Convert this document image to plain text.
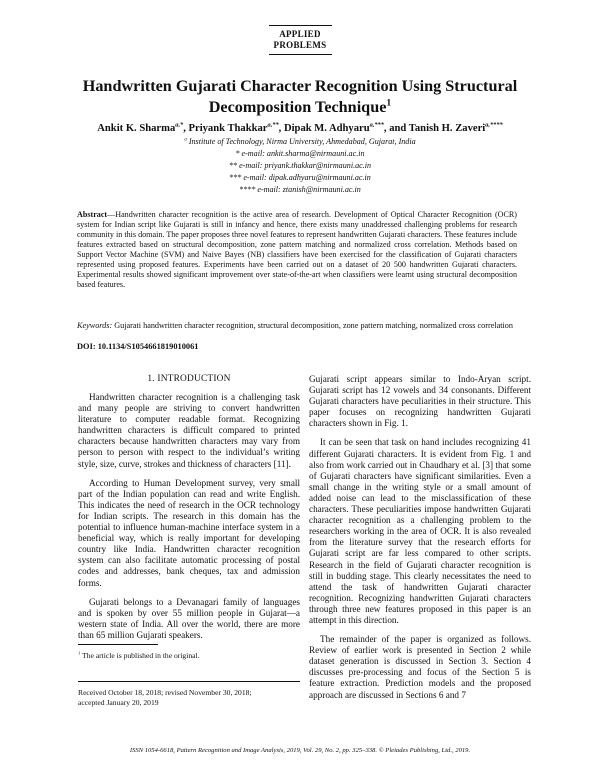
APPLIED
PROBLEMS
Handwritten Gujarati Character Recognition Using Structural
Decomposition Technique$^1$
Ankit K. Sharma$^{a,*}$, Priyank Thakkar$^{a,**}$, Dipak M. Adhyaru$^{a,***}$, and Tanish H. Zaveri$^{a,****}$
$^a$ Institute of Technology, Nirma University, Ahmedabad, Gujarat, India
* e-mail: ankit.sharma@nirmauni.ac.in
** e-mail: priyank.thakkar@nirmauni.ac.in
*** e-mail: dipak.adhyaru@nirmauni.ac.in
**** e-mail: ztanish@nirmauni.ac.in
Abstract—Handwritten character recognition is the active area of research. Development of Optical Character Recognition (OCR) system for Indian script like Gujarati is still in infancy and hence, there exists many unaddressed challenging problems for research community in this domain. The paper proposes three novel features to represent handwritten Gujarati characters. These features include features extracted based on structural decomposition, zone pattern matching and normalized cross correlation. Methods based on Support Vector Machine (SVM) and Naive Bayes (NB) classifiers have been exercised for the classification of Gujarati characters represented using proposed features. Experiments have been carried out on a dataset of 20 500 handwritten Gujarati characters. Experimental results showed significant improvement over state-of-the-art when classifiers were learnt using structural decomposition based features.
Keywords: Gujarati handwritten character recognition, structural decomposition, zone pattern matching, normalized cross correlation
DOI: 10.1134/S1054661819010061
1. INTRODUCTION

Handwritten character recognition is a challenging task and many people are striving to convert handwritten literature to computer readable format. Recognizing handwritten characters is difficult compared to printed characters because handwritten characters may vary from person to person with respect to the individual’s writing style, size, curve, strokes and thickness of characters [11].

According to Human Development survey, very small part of the Indian population can read and write English. This indicates the need of research in the OCR technology for Indian scripts. The research in this domain has the potential to influence human-machine interface system in a beneficial way, which is really important for developing country like India. Handwritten character recognition system can also facilitate automatic processing of postal codes and addresses, bank cheques, tax and admission forms.

Gujarati belongs to a Devanagari family of languages and is spoken by over 55 million people in Gujarat—a western state of India. All over the world, there are more than 65 million Gujarati speakers.

$^1$ The article is published in the original.
Received October 18, 2018; revised November 30, 2018;
accepted January 20, 2019

Gujarati script appears similar to Indo-Aryan script. Gujarati script has 12 vowels and 34 consonants. Different Gujarati characters have peculiarities in their structure. This paper focuses on recognizing handwritten Gujarati characters shown in Fig. 1.

It can be seen that task on hand includes recognizing 41 different Gujarati characters. It is evident from Fig. 1 and also from work carried out in Chaudhary et al. [3] that some of Gujarati characters have significant similarities. Even a small change in the writing style or a small amount of added noise can lead to the misclassification of these characters. These peculiarities impose handwritten Gujarati character recognition as a challenging problem to the researchers working in the area of OCR. It is also revealed from the literature survey that the research efforts for Gujarati script are far less compared to other scripts. Research in the field of Gujarati character recognition is still in budding stage. This clearly necessitates the need to attend the task of handwritten Gujarati character recognition. Recognizing handwritten Gujarati characters through three new features proposed in this paper is an attempt in this direction.

The remainder of the paper is organized as follows. Review of earlier work is presented in Section 2 while dataset generation is discussed in Section 3. Section 4 discusses pre-processing and focus of the Section 5 is feature extraction. Prediction models and the proposed approach are discussed in Sections 6 and 7

ISSN 1054-6618, Pattern Recognition and Image Analysis, 2019, Vol. 29, No. 2, pp. 325–338. © Pleiades Publishing, Ltd., 2019.
